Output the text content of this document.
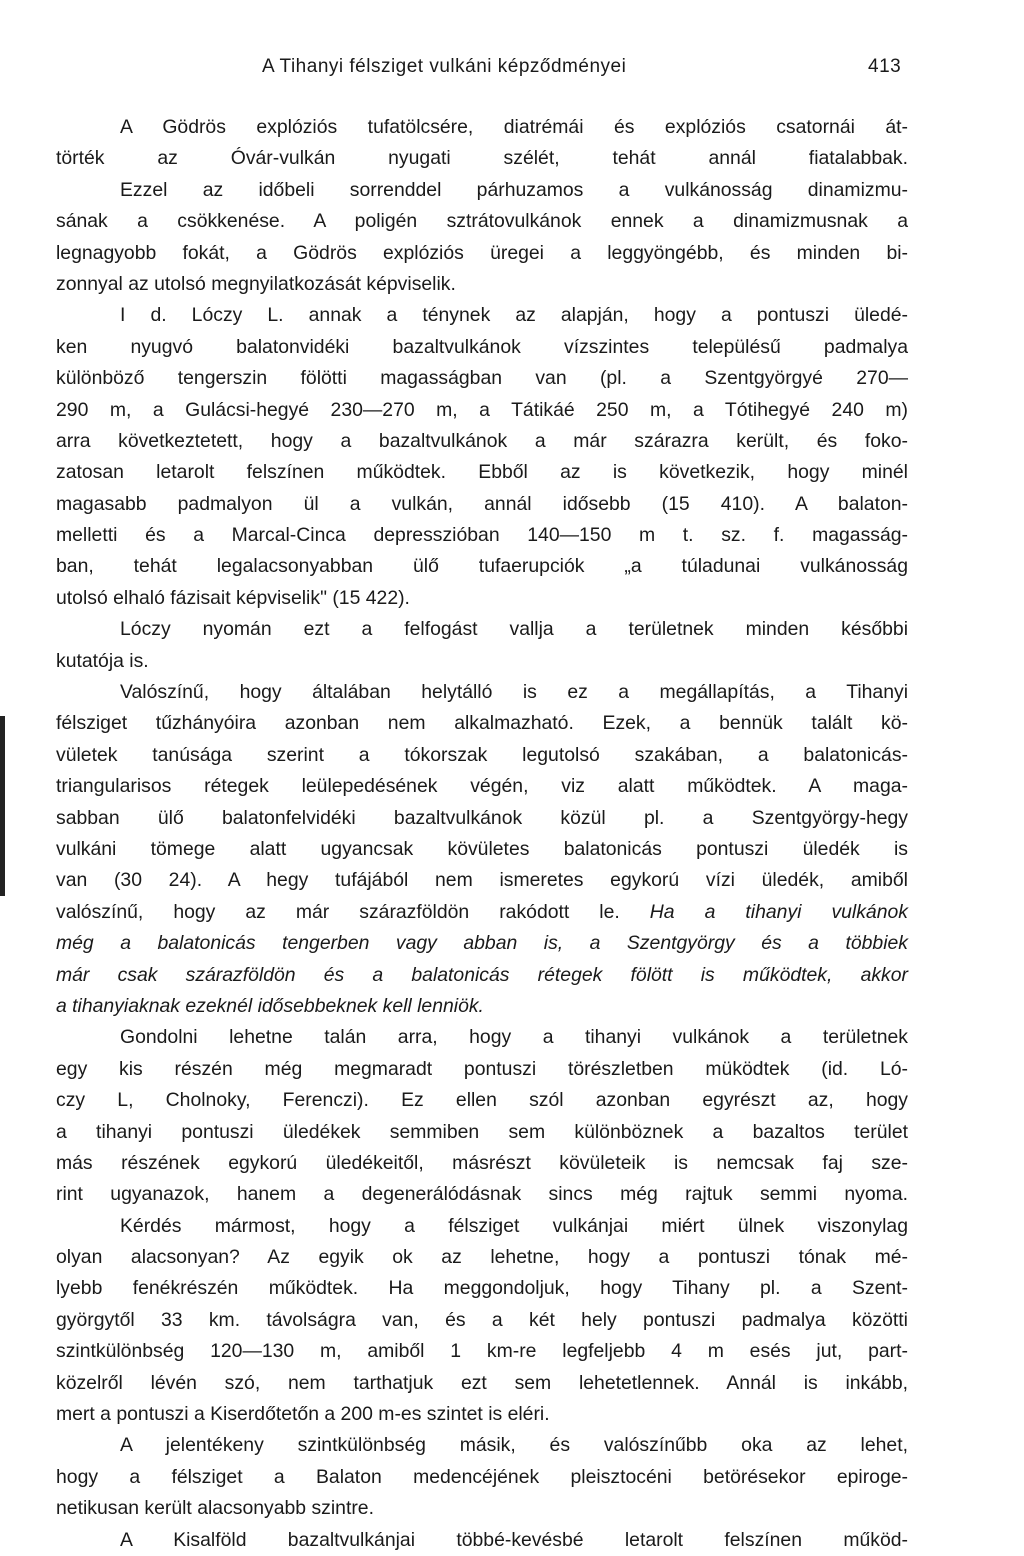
A Tihanyi félsziget vulkáni képződményei	413
A Gödrös explóziós tufatölcsére, diatrémái és explóziós csatornái át-
törték az Óvár-vulkán nyugati szélét, tehát annál fiatalabbak.
Ezzel az időbeli sorrenddel párhuzamos a vulkánosság dinamizmu-
sának a csökkenése. A poligén sztrátovulkánok ennek a dinamizmusnak a
legnagyobb fokát, a Gödrös explóziós üregei a leggyöngébb, és minden bi-
zonnyal az utolsó megnyilatkozását képviselik.
I d. Lóczy L. annak a ténynek az alapján, hogy a pontuszi üledé-
ken nyugvó balatonvidéki bazaltvulkánok vízszintes településű padmalya
különböző tengerszin fölötti magasságban van (pl. a Szentgyörgyé 270—
290 m, a Gulácsi-hegyé 230—270 m, a Tátikáé 250 m, a Tótihegyé 240 m)
arra következtetett, hogy a bazaltvulkánok a már szárazra került, és foko-
zatosan letarolt felszínen működtek. Ebből az is következik, hogy minél
magasabb padmalyon ül a vulkán, annál idősebb (15 410). A balaton-
melletti és a Marcal-Cinca depresszióban 140—150 m t. sz. f. magasság-
ban, tehát legalacsonyabban ülő tufaerupciók „a túladunai vulkánosság
utolsó elhaló fázisait képviselik" (15 422).
Lóczy nyomán ezt a felfogást vallja a területnek minden későbbi
kutatója is.
Valószínű, hogy általában helytálló is ez a megállapítás, a Tihanyi
félsziget tűzhányóira azonban nem alkalmazható. Ezek, a bennük talált kö-
vületek tanúsága szerint a tókorszak legutolsó szakában, a balatonicás-
triangularisos rétegek leülepedésének végén, viz alatt működtek. A maga-
sabban ülő balatonfelvidéki bazaltvulkánok közül pl. a Szentgyörgy-hegy
vulkáni tömege alatt ugyancsak kövületes balatonicás pontuszi üledék is
van (30 24). A hegy tufájából nem ismeretes egykorú vízi üledék, amiből
valószínű, hogy az már szárazföldön rakódott le. Ha a tihanyi vulkánok
még a balatonicás tengerben vagy abban is, a Szentgyörgy és a többiek
már csak szárazföldön és a balatonicás rétegek fölött is működtek, akkor
a tihanyiaknak ezeknél idősebbeknek kell lenniök.
Gondolni lehetne talán arra, hogy a tihanyi vulkánok a területnek
egy kis részén még megmaradt pontuszi törészletben müködtek (id. Ló-
czy L, Cholnoky, Ferenczi). Ez ellen szól azonban egyrészt az, hogy
a tihanyi pontuszi üledékek semmiben sem különböznek a bazaltos terület
más részének egykorú üledékeitől, másrészt kövületeik is nemcsak faj sze-
rint ugyanazok, hanem a degenerálódásnak sincs még rajtuk semmi nyoma.
Kérdés mármost, hogy a félsziget vulkánjai miért ülnek viszonylag
olyan alacsonyan? Az egyik ok az lehetne, hogy a pontuszi tónak mé-
lyebb fenékrészén működtek. Ha meggondoljuk, hogy Tihany pl. a Szent-
györgytől 33 km. távolságra van, és a két hely pontuszi padmalya közötti
szintkülönbség 120—130 m, amiből 1 km-re legfeljebb 4 m esés jut, part-
közelről lévén szó, nem tarthatjuk ezt sem lehetetlennek. Annál is inkább,
mert a pontuszi a Kiserdőtetőn a 200 m-es szintet is eléri.
A jelentékeny szintkülönbség másik, és valószínűbb oka az lehet,
hogy a félsziget a Balaton medencéjének pleisztocéni betörésekor epiroge-
netikusan került alacsonyabb szintre.
A Kisalföld bazaltvulkánjai többé-kevésbé letarolt felszínen működ-
